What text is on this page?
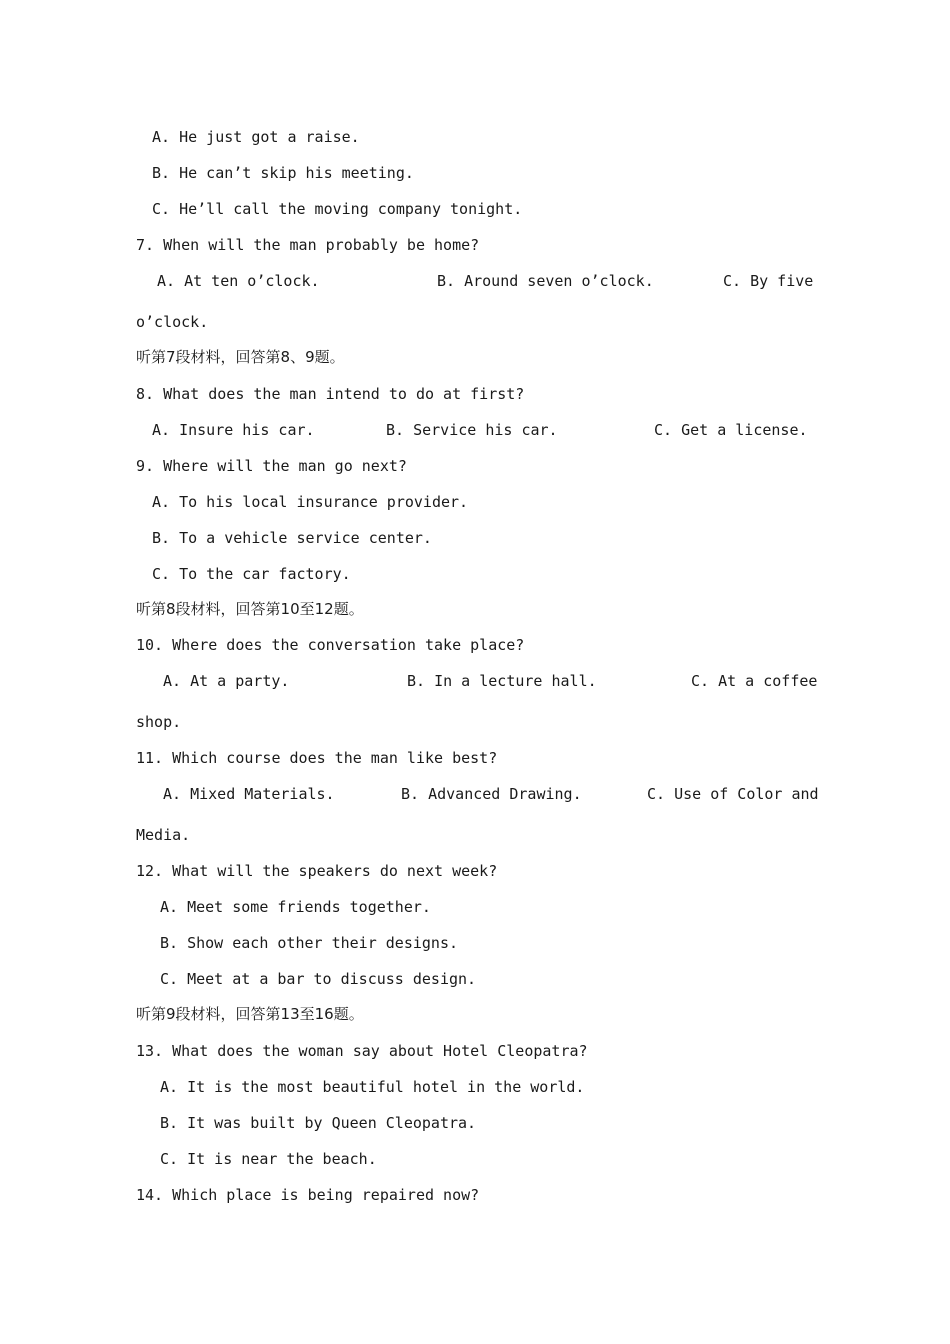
A. He just got a raise.
B. He can’t skip his meeting.
C. He’ll call the moving company tonight.
7. When will the man probably be home?
A. At ten o’clock.	B. Around seven o’clock.	C. By five
o’clock.
听第7段材料，回答第8、9题。
8. What does the man intend to do at first?
A. Insure his car.	B. Service his car.	C. Get a license.
9. Where will the man go next?
A. To his local insurance provider.
B. To a vehicle service center.
C. To the car factory.
听第8段材料，回答第10至12题。
10. Where does the conversation take place?
A. At a party.	B. In a lecture hall.	C. At a coffee
shop.
11. Which course does the man like best?
A. Mixed Materials.	B. Advanced Drawing.	C. Use of Color and
Media.
12. What will the speakers do next week?
A. Meet some friends together.
B. Show each other their designs.
C. Meet at a bar to discuss design.
听第9段材料，回答第13至16题。
13. What does the woman say about Hotel Cleopatra?
A. It is the most beautiful hotel in the world.
B. It was built by Queen Cleopatra.
C. It is near the beach.
14. Which place is being repaired now?
